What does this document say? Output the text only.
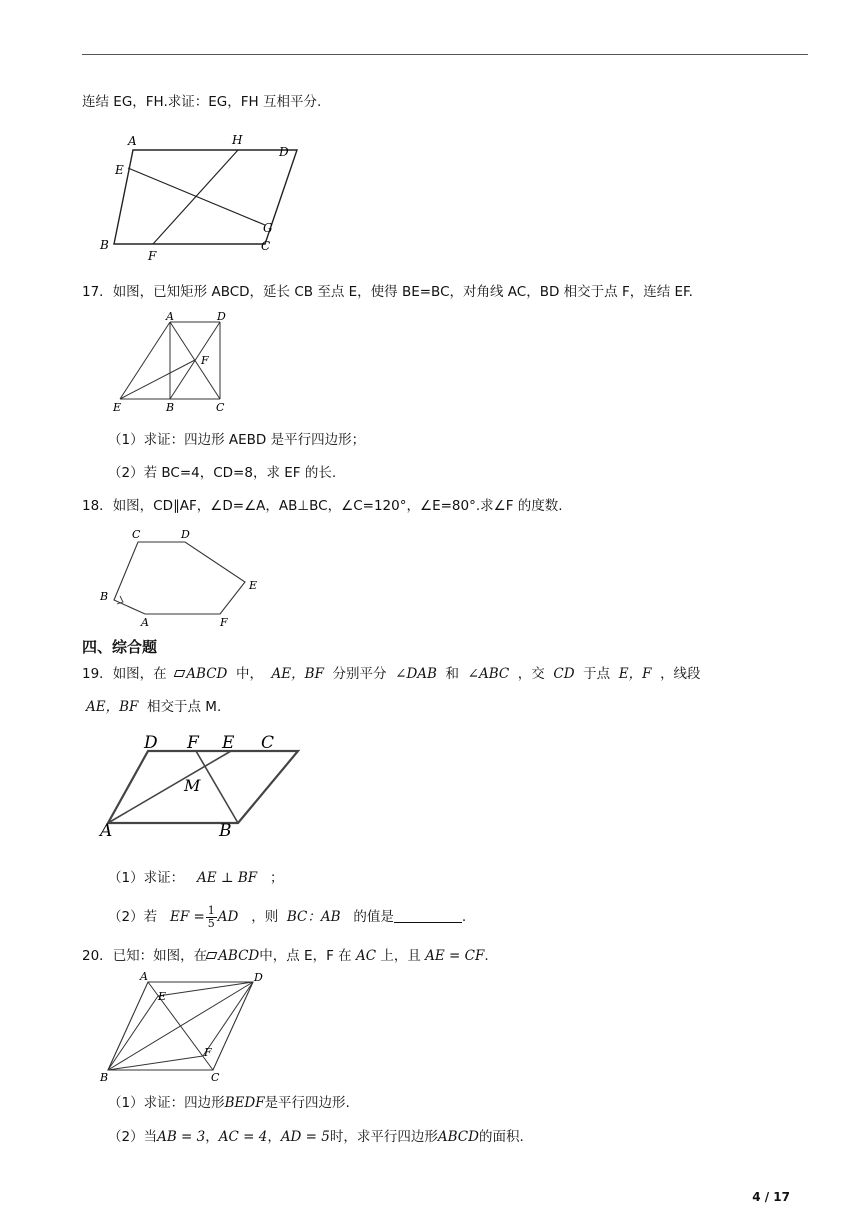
连结 EG，FH.求证：EG，FH 互相平分.
A	H
D
E
G
B
F
C
17．如图，已知矩形 ABCD，延长 CB 至点 E，使得 BE=BC，对角线 AC，BD 相交于点 F，连结 EF.
A	D
F
E	B	C
（1）求证：四边形 AEBD 是平行四边形；
（2）若 BC=4，CD=8，求 EF 的长.
18．如图，CD∥AF，∠D=∠A，AB⊥BC，∠C=120°，∠E=80°.求∠F 的度数.
C	D
E
B
A	F
四、综合题
19．如图，在 ABCD 中， AE，BF 分别平分 ∠DAB 和 ∠ABC ，交 CD 于点 E，F ，线段
AE，BF 相交于点 M.
D F E C
M
A	B
（1）求证： AE ⊥ BF ；
（2）若 EF = $\frac{1}{5}$ AD ，则 BC：AB 的值是	.
20．已知：如图，在 ABCD中，点 E，F 在 AC 上，且 AE = CF.
A	D
E
F
B	C
（1）求证：四边形BEDF是平行四边形.
（2）当AB = 3，AC = 4，AD = 5时，求平行四边形ABCD的面积.
4 / 17
